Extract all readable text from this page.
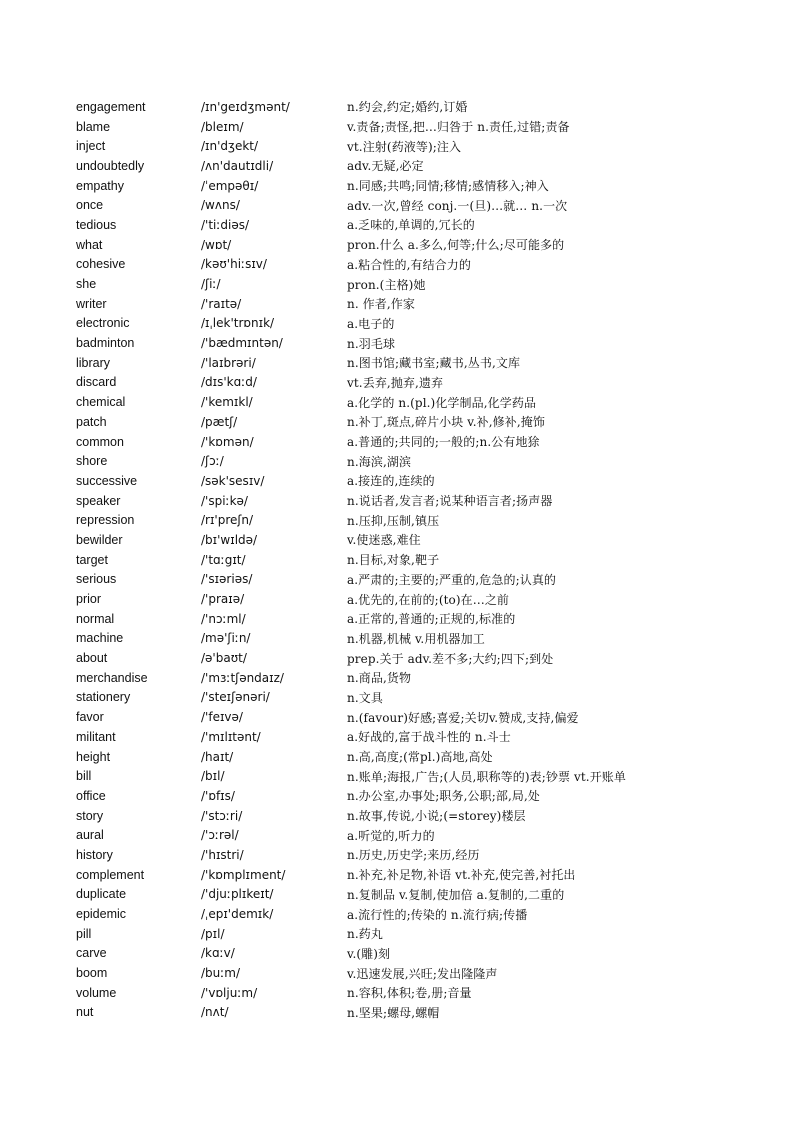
engagement	/ɪn'geɪdʒmənt/	n.约会,约定;婚约,订婚
blame	/bleɪm/	v.责备;责怪,把…归咎于 n.责任,过错;责备
inject	/ɪn'dʒekt/	vt.注射(药液等);注入
undoubtedly	/ʌn'dautɪdli/	adv.无疑,必定
empathy	/ˈempəθɪ/	n.同感;共鸣;同情;移情;感情移入;神入
once	/wʌns/	adv.一次,曾经 conj.一(旦)…就… n.一次
tedious	/'tiːdiəs/	a.乏味的,单调的,冗长的
what	/wɒt/	pron.什么 a.多么,何等;什么;尽可能多的
cohesive	/kəʊ'hiːsɪv/	a.粘合性的,有结合力的
she	/ʃiː/	pron.(主格)她
writer	/'raɪtə/	n. 作者,作家
electronic	/ɪˌlek'trɒnɪk/	a.电子的
badminton	/'bædmɪntən/	n.羽毛球
library	/'laɪbrəri/	n.图书馆;藏书室;藏书,丛书,文库
discard	/dɪs'kɑːd/	vt.丢弃,抛弃,遗弃
chemical	/'kemɪkl/	a.化学的 n.(pl.)化学制品,化学药品
patch	/pætʃ/	n.补丁,斑点,碎片小块 v.补,修补,掩饰
common	/'kɒmən/	a.普通的;共同的;一般的;n.公有地狳
shore	/ʃɔː/	n.海滨,湖滨
successive	/sək'sesɪv/	a.接连的,连续的
speaker	/'spiːkə/	n.说话者,发言者;说某种语言者;扬声器
repression	/rɪ'preʃn/	n.压抑,压制,镇压
bewilder	/bɪ'wɪldə/	v.使迷惑,难住
target	/'tɑːgɪt/	n.目标,对象,靶子
serious	/'sɪəriəs/	a.严肃的;主要的;严重的,危急的;认真的
prior	/'praɪə/	a.优先的,在前的;(to)在…之前
normal	/'nɔːml/	a.正常的,普通的;正规的,标准的
machine	/mə'ʃiːn/	n.机器,机械 v.用机器加工
about	/ə'baʊt/	prep.关于 adv.差不多;大约;四下;到处
merchandise	/'mɜːtʃəndaɪz/	n.商品,货物
stationery	/'steɪʃənəri/	n.文具
favor	/'feɪvə/	n.(favour)好感;喜爱;关切v.赞成,支持,偏爱
militant	/'mɪlɪtənt/	a.好战的,富于战斗性的 n.斗士
height	/haɪt/	n.高,高度;(常pl.)高地,高处
bill	/bɪl/	n.账单;海报,广告;(人员,职称等的)表;钞票 vt.开账单
office	/'ɒfɪs/	n.办公室,办事处;职务,公职;部,局,处
story	/'stɔːri/	n.故事,传说,小说;(=storey)楼层
aural	/'ɔːrəl/	a.听觉的,听力的
history	/'hɪstri/	n.历史,历史学;来历,经历
complement	/'kɒmplɪment/	n.补充,补足物,补语 vt.补充,使完善,衬托出
duplicate	/'djuːplɪkeɪt/	n.复制品 v.复制,使加倍 a.复制的,二重的
epidemic	/ˌepɪ'demɪk/	a.流行性的;传染的 n.流行病;传播
pill	/pɪl/	n.药丸
carve	/kɑːv/	v.(雕)刻
boom	/buːm/	v.迅速发展,兴旺;发出隆隆声
volume	/'vɒljuːm/	n.容积,体积;卷,册;音量
nut	/nʌt/	n.坚果;螺母,螺帽
